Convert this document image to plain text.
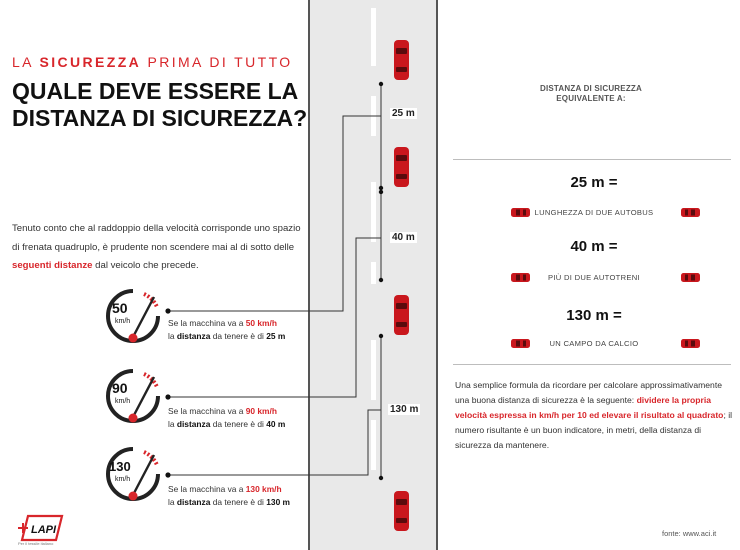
LA SICUREZZA PRIMA DI TUTTO
QUALE DEVE ESSERE LA DISTANZA DI SICUREZZA?
Tenuto conto che al raddoppio della velocità corrisponde uno spazio di frenata quadruplo, è prudente non scendere mai al di sotto delle seguenti distanze dal veicolo che precede.
50
km/h
90
km/h
130
km/h
Se la macchina va a 50 km/h
la distanza da tenere è di 25 m
Se la macchina va a 90 km/h
la distanza da tenere è di 40 m
Se la macchina va a 130 km/h
la distanza da tenere è di 130 m
25 m
40 m
130 m
DISTANZA DI SICUREZZA EQUIVALENTE A:
25 m =
LUNGHEZZA DI DUE AUTOBUS
40 m =
PIÙ DI DUE AUTOTRENI
130 m =
UN CAMPO DA CALCIO
Una semplice formula da ricordare per calcolare approssimativamente una buona distanza di sicurezza è la seguente: dividere la propria velocità espressa in km/h per 10 ed elevare il risultato al quadrato; il numero risultante è un buon indicatore, in metri, della distanza di sicurezza da mantenere.
fonte: www.aci.it
LAPI
Per il tessile italiano
